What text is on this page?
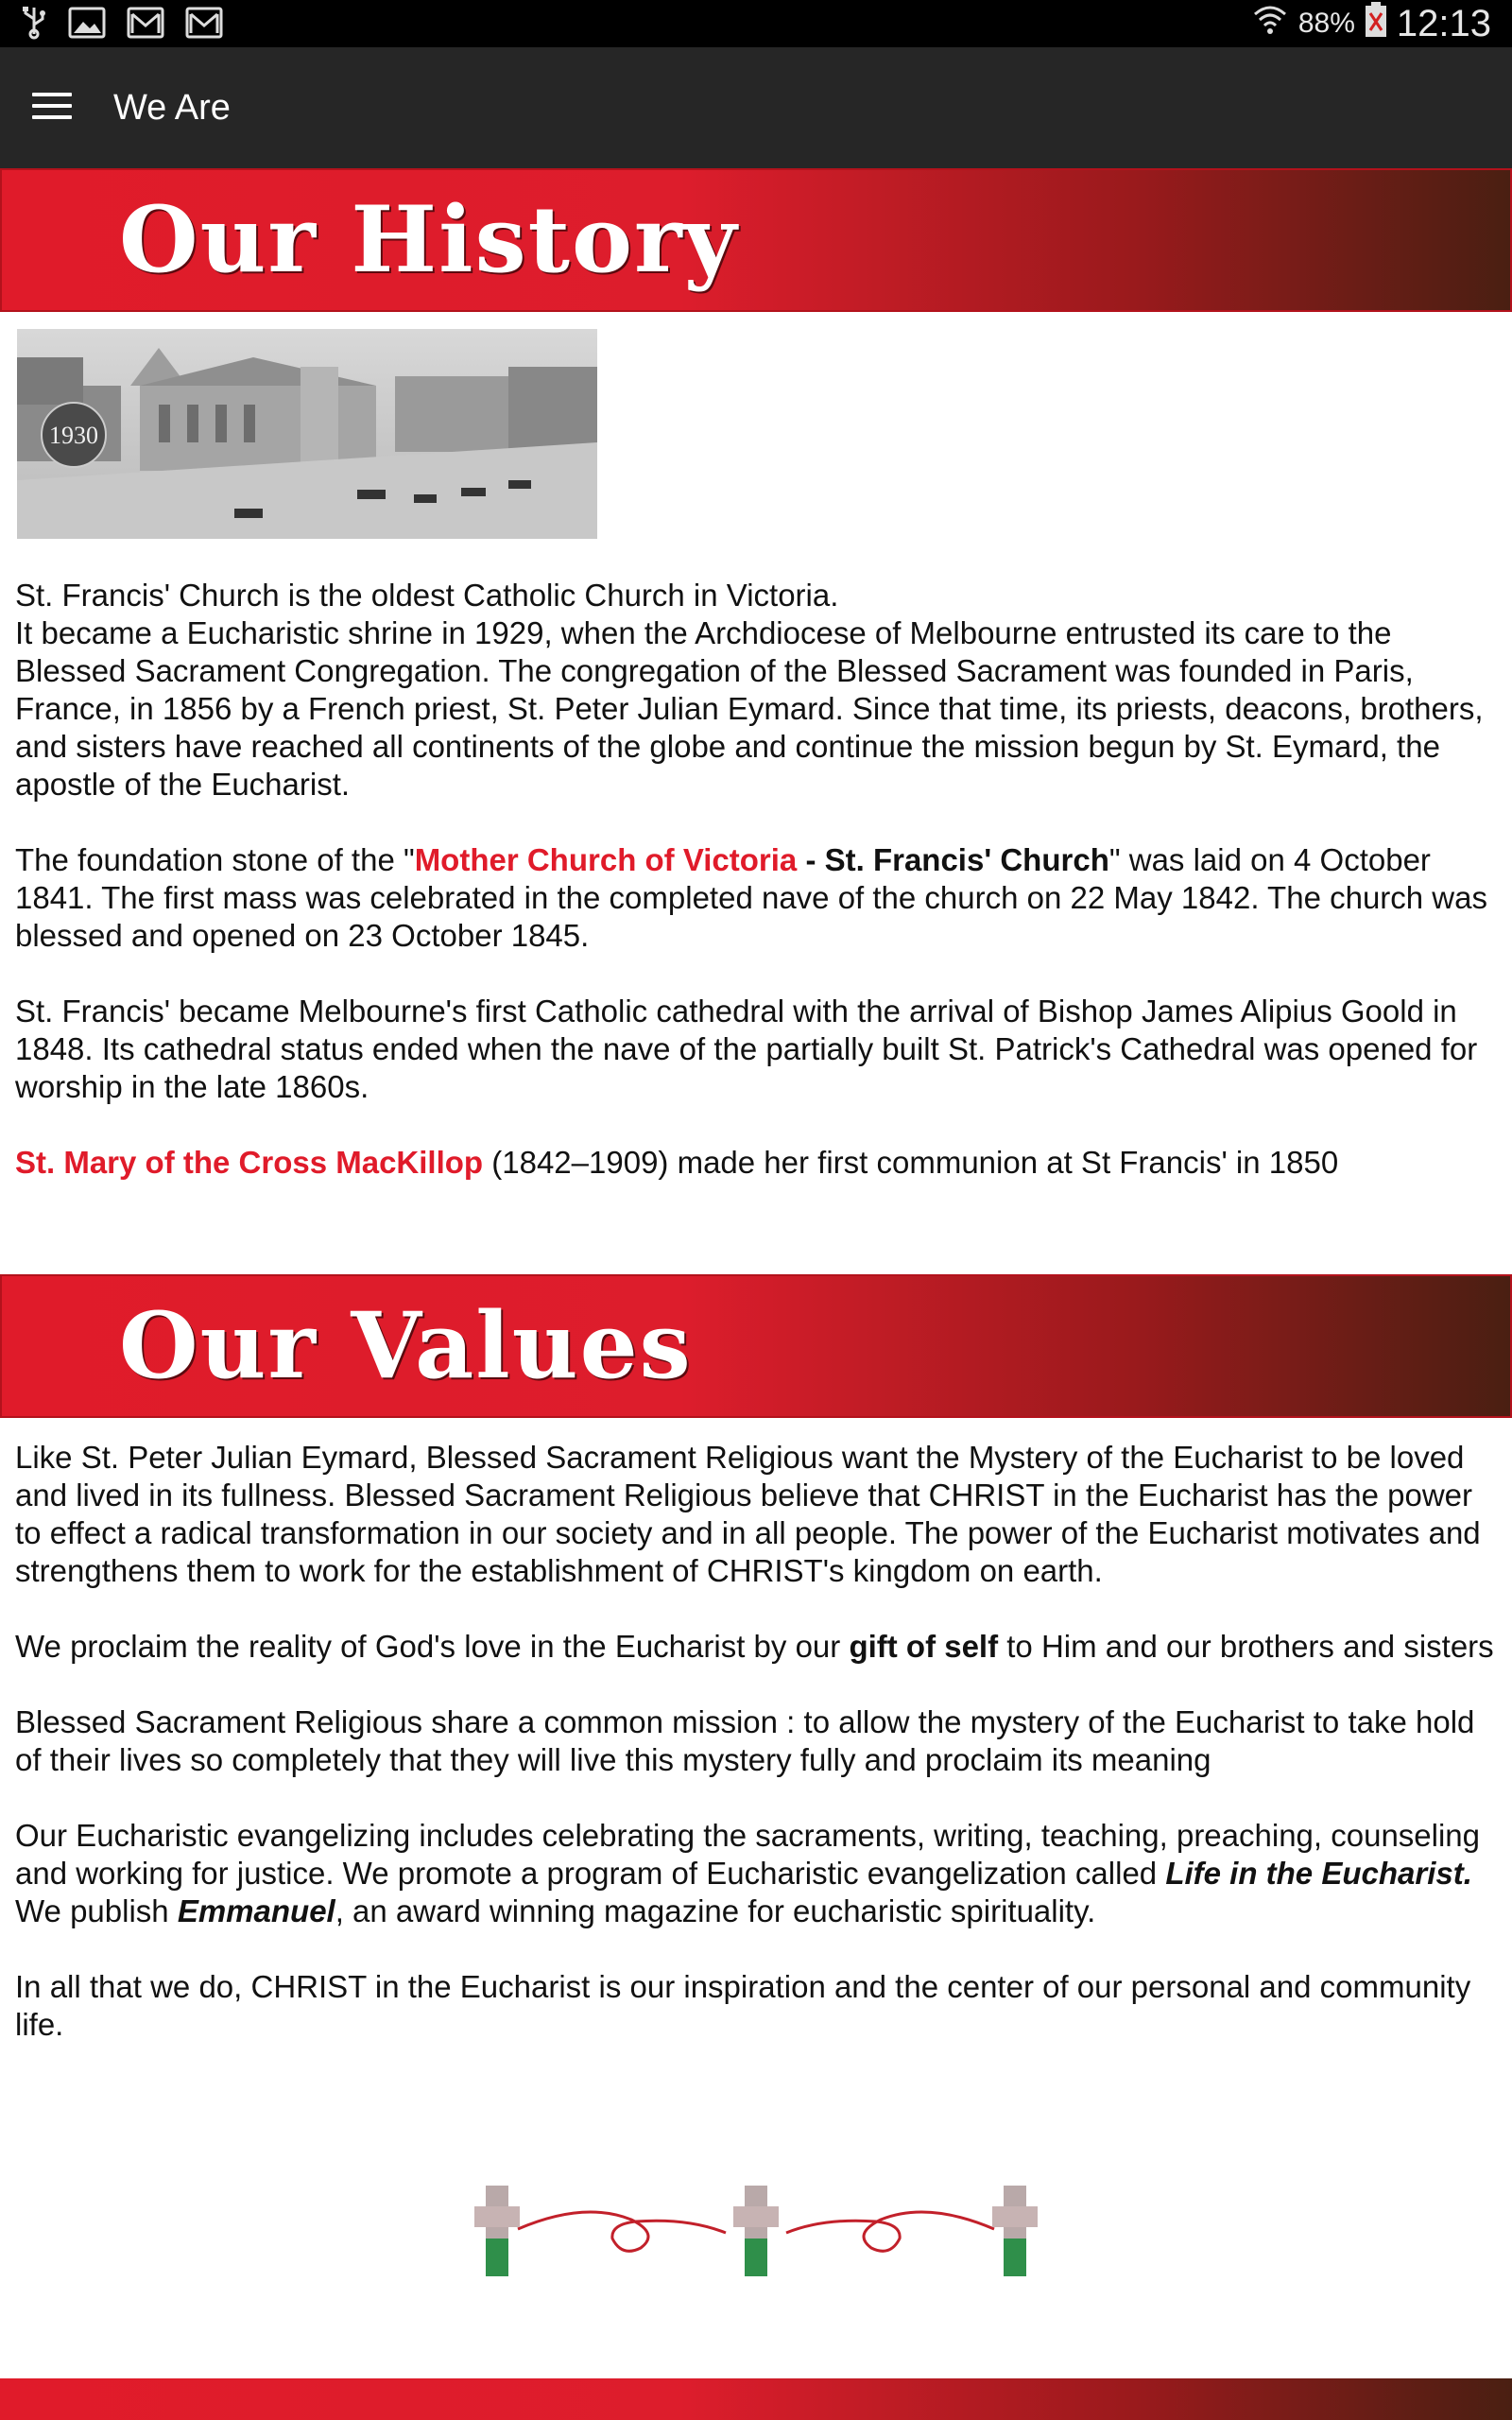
88% 12:13
We Are
Our History
1930

St. Francis' Church is the oldest Catholic Church in Victoria.
It became a Eucharistic shrine in 1929, when the Archdiocese of Melbourne entrusted its care to the Blessed Sacrament Congregation. The congregation of the Blessed Sacrament was founded in Paris, France, in 1856 by a French priest, St. Peter Julian Eymard. Since that time, its priests, deacons, brothers, and sisters have reached all continents of the globe and continue the mission begun by St. Eymard, the apostle of the Eucharist.

The foundation stone of the "Mother Church of Victoria - St. Francis' Church" was laid on 4 October 1841. The first mass was celebrated in the completed nave of the church on 22 May 1842. The church was blessed and opened on 23 October 1845.

St. Francis' became Melbourne's first Catholic cathedral with the arrival of Bishop James Alipius Goold in 1848. Its cathedral status ended when the nave of the partially built St. Patrick's Cathedral was opened for worship in the late 1860s.

St. Mary of the Cross MacKillop (1842–1909) made her first communion at St Francis' in 1850

Our Values

Like St. Peter Julian Eymard, Blessed Sacrament Religious want the Mystery of the Eucharist to be loved and lived in its fullness. Blessed Sacrament Religious believe that CHRIST in the Eucharist has the power to effect a radical transformation in our society and in all people. The power of the Eucharist motivates and strengthens them to work for the establishment of CHRIST's kingdom on earth.

We proclaim the reality of God's love in the Eucharist by our gift of self to Him and our brothers and sisters

Blessed Sacrament Religious share a common mission : to allow the mystery of the Eucharist to take hold of their lives so completely that they will live this mystery fully and proclaim its meaning

Our Eucharistic evangelizing includes celebrating the sacraments, writing, teaching, preaching, counseling and working for justice. We promote a program of Eucharistic evangelization called Life in the Eucharist. We publish Emmanuel, an award winning magazine for eucharistic spirituality.

In all that we do, CHRIST in the Eucharist is our inspiration and the center of our personal and community life.
